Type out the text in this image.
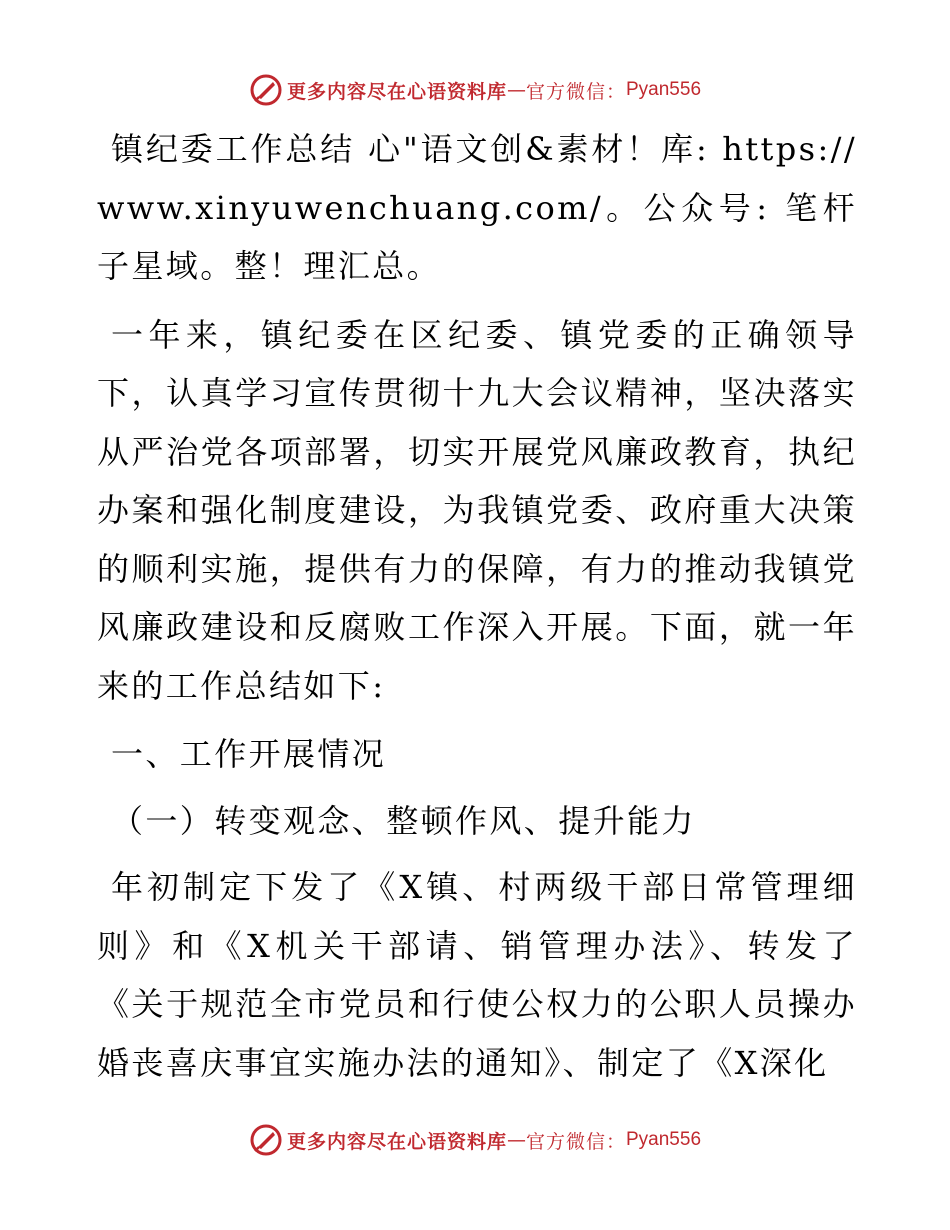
更多内容尽在心语资料库 — 官方微信： Pyan556

镇纪委工作总结 心"语文创&素材！库: https://www.xinyuwenchuang.com/。公众号: 笔杆子星域。整！理汇总。

一年来，镇纪委在区纪委、镇党委的正确领导下，认真学习宣传贯彻十九大会议精神，坚决落实从严治党各项部署，切实开展党风廉政教育，执纪办案和强化制度建设，为我镇党委、政府重大决策的顺利实施，提供有力的保障，有力的推动我镇党风廉政建设和反腐败工作深入开展。下面，就一年来的工作总结如下:

一、工作开展情况

（一）转变观念、整顿作风、提升能力

年初制定下发了《X镇、村两级干部日常管理细则》和《X机关干部请、销管理办法》、转发了《关于规范全市党员和行使公权力的公职人员操办婚丧喜庆事宜实施办法的通知》、制定了《X深化

更多内容尽在心语资料库 — 官方微信： Pyan556
